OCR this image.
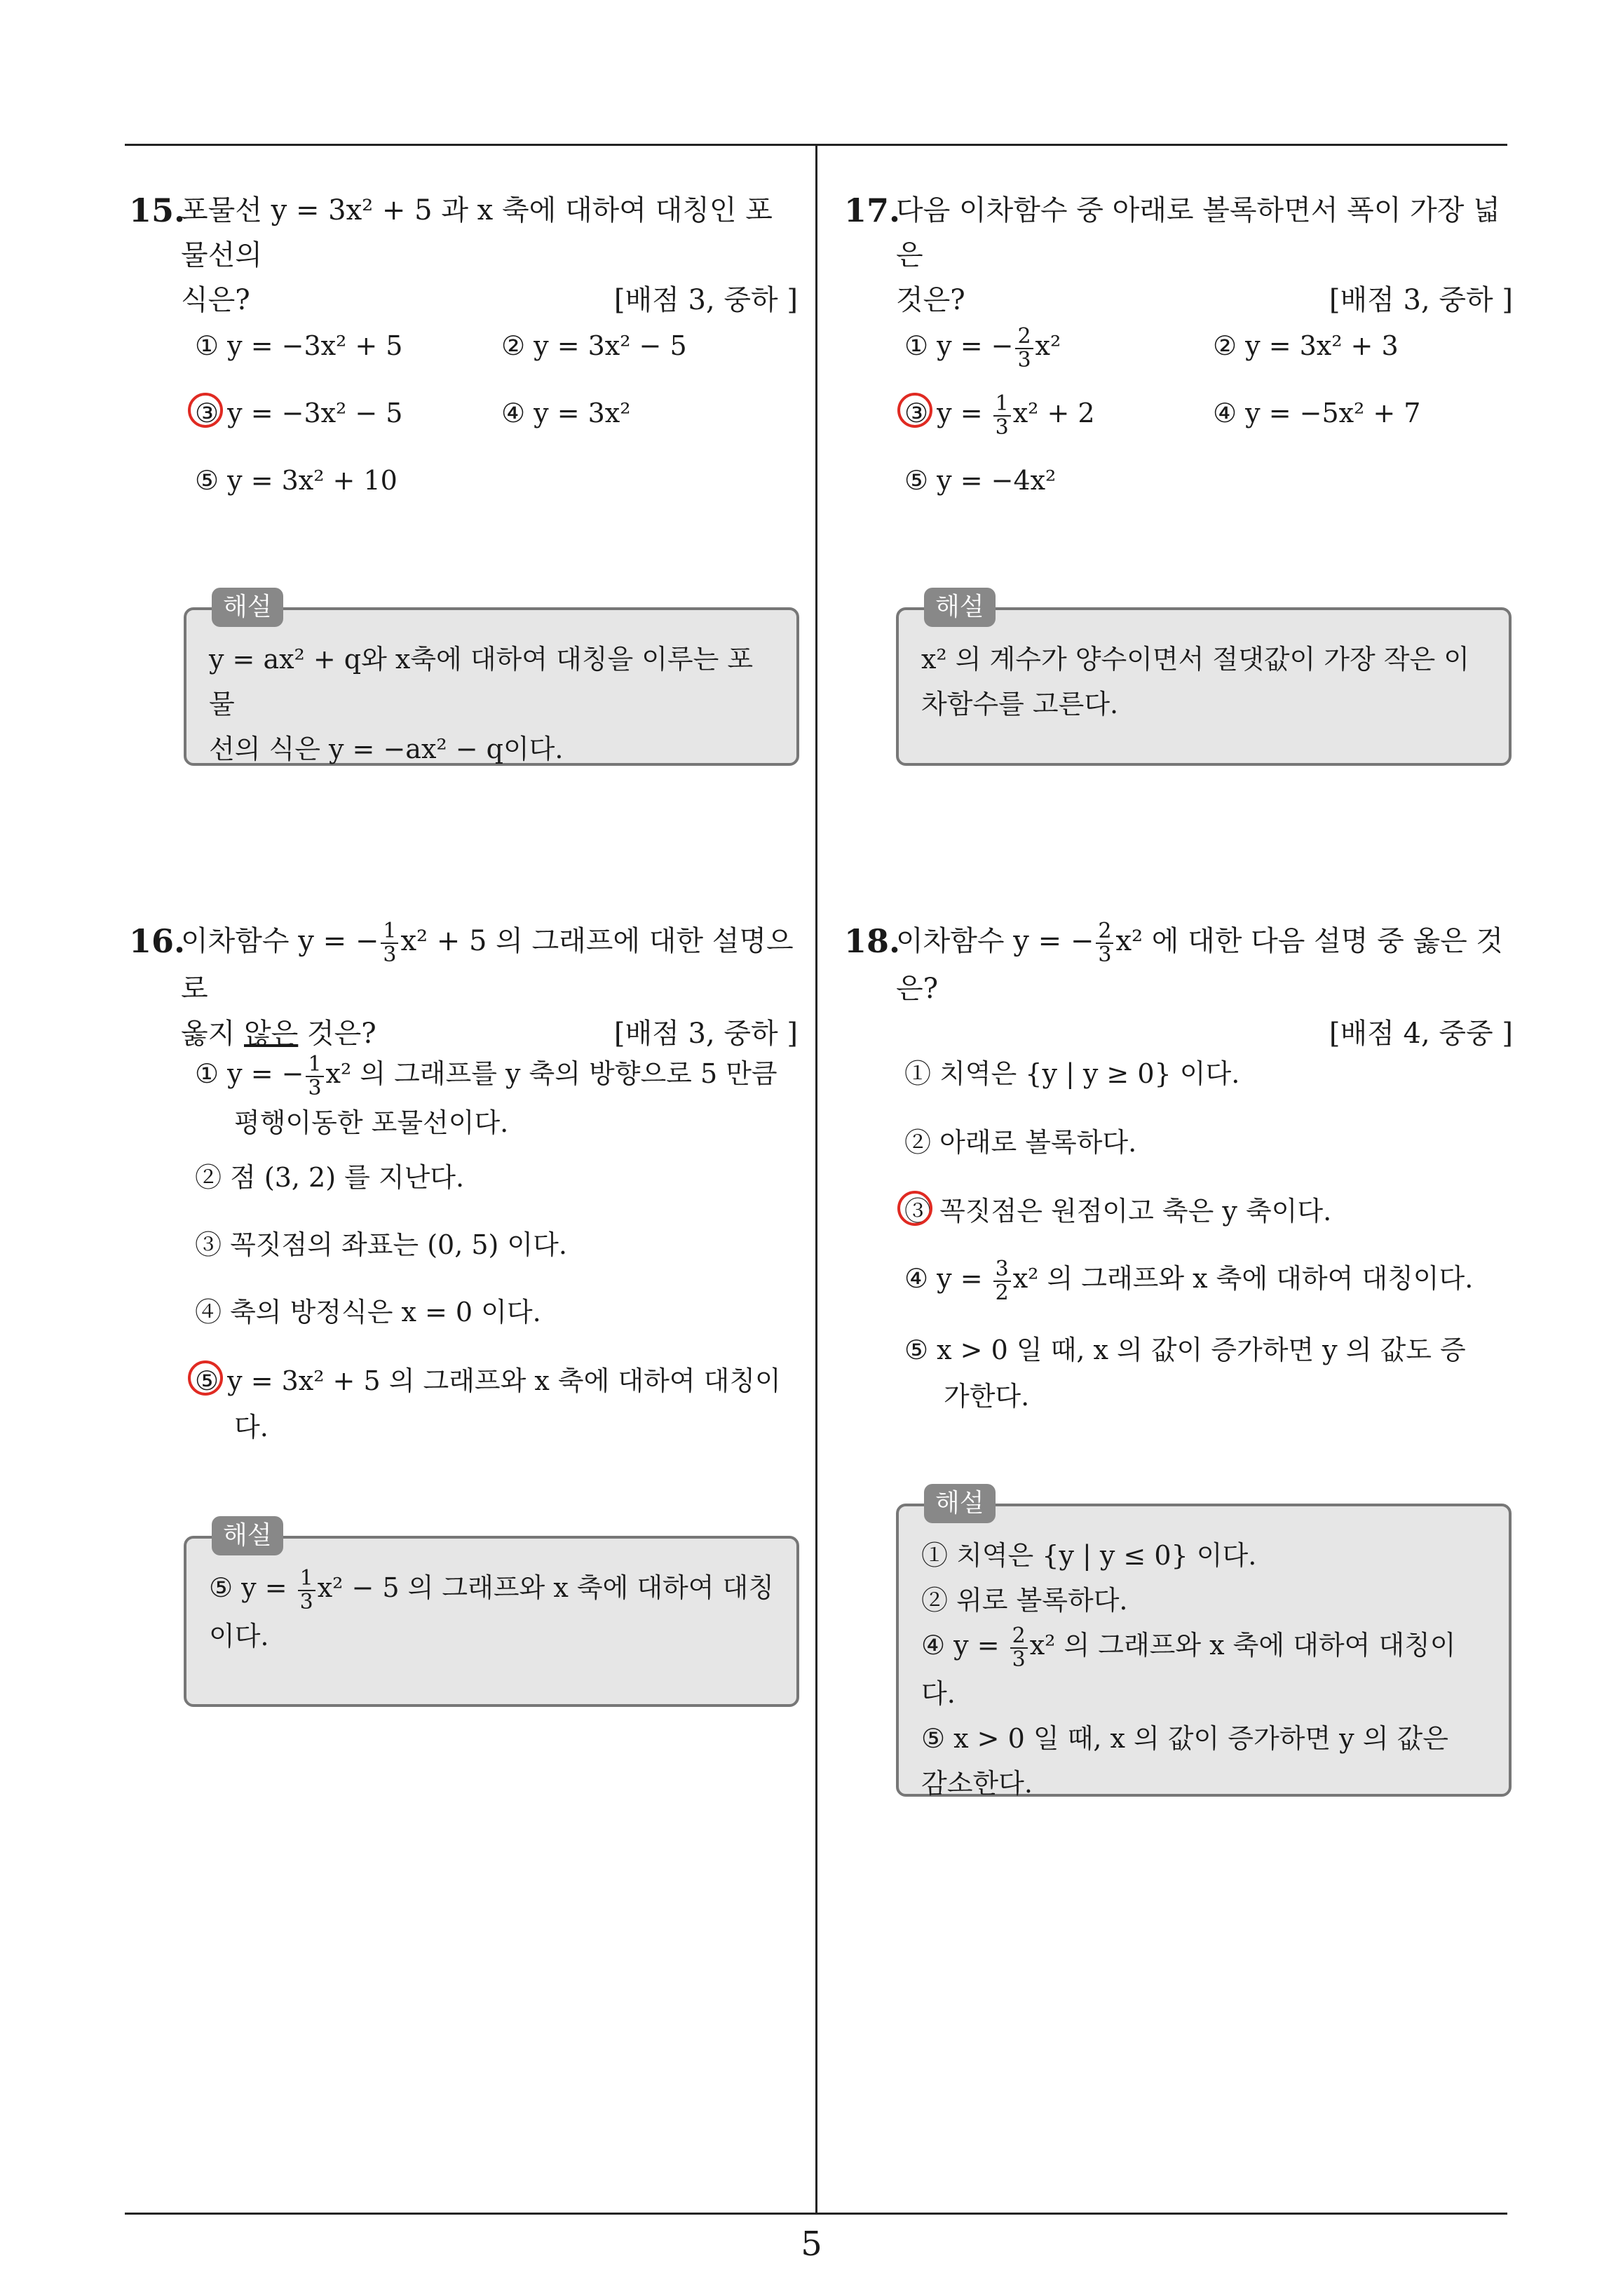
15.
포물선 y = 3x² + 5 과 x 축에 대하여 대칭인 포물선의
식은?	[배점 3, 중하 ]
① y = −3x² + 5	② y = 3x² − 5
③ y = −3x² − 5	④ y = 3x²
⑤ y = 3x² + 10
해설
y = ax² + q와 x축에 대하여 대칭을 이루는 포물
선의 식은 y = −ax² − q이다.
16.
이차함수 y = − $\frac{1}{3} x^2 + 5$ 의 그래프에 대한 설명으로
옳지 않은 것은?	[배점 3, 중하 ]
① y = − $\frac{1}{3} x^2$ 의 그래프를 y 축의 방향으로 5 만큼
평행이동한 포물선이다.
② 점 (3, 2) 를 지난다.
③ 꼭짓점의 좌표는 (0, 5) 이다.
④ 축의 방정식은 x = 0 이다.
⑤ y = 3x² + 5 의 그래프와 x 축에 대하여 대칭이
다.
해설
⑤ $y = \frac{1}{3} x^2 - 5$ 의 그래프와 x 축에 대하여 대칭
이다.
17.
다음 이차함수 중 아래로 볼록하면서 폭이 가장 넓은
것은?	[배점 3, 중하 ]
① y = − $\frac{2}{3} x^2$	② y = 3x² + 3
③ $y = \frac{1}{3} x^2 + 2$	④ y = −5x² + 7
⑤ y = −4x²
해설
x² 의 계수가 양수이면서 절댓값이 가장 작은 이
차함수를 고른다.
18.
이차함수 y = − $\frac{2}{3} x^2$ 에 대한 다음 설명 중 옳은 것은?
[배점 4, 중중 ]
① 치역은 {y | y ≥ 0} 이다.
② 아래로 볼록하다.
③ 꼭짓점은 원점이고 축은 y 축이다.
④ $y = \frac{3}{2} x^2$ 의 그래프와 x 축에 대하여 대칭이다.
⑤ x > 0 일 때, x 의 값이 증가하면 y 의 값도 증
가한다.
해설
① 치역은 {y | y ≤ 0} 이다.
② 위로 볼록하다.
④ $y = \frac{2}{3} x^2$ 의 그래프와 x 축에 대하여 대칭이다.
⑤ x > 0 일 때, x 의 값이 증가하면 y 의 값은
감소한다.
5
